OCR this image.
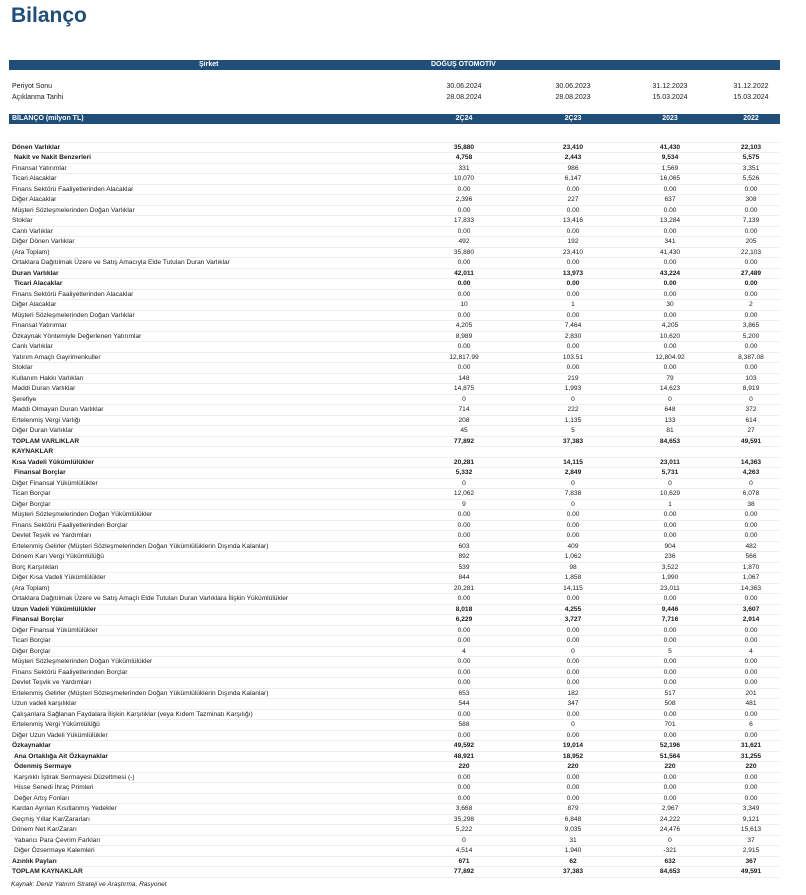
Bilanço
Şirket	DOĞUŞ OTOMOTİV
Periyot Sonu	30.06.2024	30.06.2023	31.12.2023	31.12.2022
Açıklanma Tarihi	28.08.2024	28.08.2023	15.03.2024	15.03.2024
BİLANÇO (milyon TL)	2Ç24	2Ç23	2023	2022
Dönen Varlıklar	35,880	23,410	41,430	22,103
Nakit ve Nakit Benzerleri	4,758	2,443	9,534	5,575
Finansal Yatırımlar	331	986	1,569	3,351
Ticari Alacaklar	10,070	6,147	16,065	5,526
Finans Sektörü Faaliyetlerinden Alacaklar	0.00	0.00	0.00	0.00
Diğer Alacaklar	2,396	227	637	308
Müşteri Sözleşmelerinden Doğan Varlıklar	0.00	0.00	0.00	0.00
Stoklar	17,833	13,416	13,284	7,139
Canlı Varlıklar	0.00	0.00	0.00	0.00
Diğer Dönen Varlıklar	492	192	341	205
(Ara Toplam)	35,880	23,410	41,430	22,103
Ortaklara Dağıtılmak Üzere ve Satış Amacıyla Elde Tutulan Duran Varlıklar	0.00	0.00	0.00	0.00
Duran Varlıklar	42,011	13,973	43,224	27,489
Ticari Alacaklar	0.00	0.00	0.00	0.00
Finans Sektörü Faaliyetlerinden Alacaklar	0.00	0.00	0.00	0.00
Diğer Alacaklar	10	1	30	2
Müşteri Sözleşmelerinden Doğan Varlıklar	0.00	0.00	0.00	0.00
Finansal Yatırımlar	4,205	7,464	4,205	3,865
Özkaynak Yöntemiyle Değerlenen Yatırımlar	8,989	2,830	10,620	5,200
Canlı Varlıklar	0.00	0.00	0.00	0.00
Yatırım Amaçlı Gayrimenkuller	12,817.99	103.51	12,804.92	8,387.08
Stoklar	0.00	0.00	0.00	0.00
Kullanım Hakkı Varlıkları	148	219	79	103
Maddi Duran Varlıklar	14,875	1,993	14,623	8,919
Şerefiye	0	0	0	0
Maddi Olmayan Duran Varlıklar	714	222	648	372
Ertelenmiş Vergi Varlığı	208	1,135	133	614
Diğer Duran Varlıklar	45	5	81	27
TOPLAM VARLIKLAR	77,892	37,383	84,653	49,591
KAYNAKLAR
Kısa Vadeli Yükümlülükler	20,281	14,115	23,011	14,363
Finansal Borçlar	5,332	2,849	5,731	4,263
Diğer Finansal Yükümlülükler	0	0	0	0
Ticari Borçlar	12,062	7,838	10,629	6,078
Diğer Borçlar	9	0	1	38
Müşteri Sözleşmelerinden Doğan Yükümlülükler	0.00	0.00	0.00	0.00
Finans Sektörü Faaliyetlerinden Borçlar	0.00	0.00	0.00	0.00
Devlet Teşvik ve Yardımları	0.00	0.00	0.00	0.00
Ertelenmiş Gelirler (Müşteri Sözleşmelerinden Doğan Yükümlülüklerin Dışında Kalanlar)	603	409	904	482
Dönem Karı Vergi Yükümlülüğü	892	1,062	236	566
Borç Karşılıkları	539	98	3,522	1,870
Diğer Kısa Vadeli Yükümlülükler	844	1,858	1,990	1,067
(Ara Toplam)	20,281	14,115	23,011	14,363
Ortaklara Dağıtılmak Üzere ve Satış Amaçlı Elde Tutulan Duran Varlıklara İlişkin Yükümlülükler	0.00	0.00	0.00	0.00
Uzun Vadeli Yükümlülükler	8,018	4,255	9,446	3,607
Finansal Borçlar	6,229	3,727	7,716	2,914
Diğer Finansal Yükümlülükler	0.00	0.00	0.00	0.00
Ticari Borçlar	0.00	0.00	0.00	0.00
Diğer Borçlar	4	0	5	4
Müşteri Sözleşmelerinden Doğan Yükümlülükler	0.00	0.00	0.00	0.00
Finans Sektörü Faaliyetlerinden Borçlar	0.00	0.00	0.00	0.00
Devlet Teşvik ve Yardımları	0.00	0.00	0.00	0.00
Ertelenmiş Gelirler (Müşteri Sözleşmelerinden Doğan Yükümlülüklerin Dışında Kalanlar)	653	182	517	201
Uzun vadeli karşılıklar	544	347	508	481
Çalışanlara Sağlanan Faydalara İlişkin Karşılıklar (veya Kıdem Tazminatı Karşılığı)	0.00	0.00	0.00	0.00
Ertelenmiş Vergi Yükümlülüğü	588	0	701	6
Diğer Uzun Vadeli Yükümlülükler	0.00	0.00	0.00	0.00
Özkaynaklar	49,592	19,014	52,196	31,621
Ana Ortaklığa Ait Özkaynaklar	48,921	18,952	51,564	31,255
Ödenmiş Sermaye	220	220	220	220
Karşılıklı İştirak Sermayesi Düzeltmesi (-)	0.00	0.00	0.00	0.00
Hisse Senedi İhraç Primleri	0.00	0.00	0.00	0.00
Değer Artış Fonları	0.00	0.00	0.00	0.00
Kardan Ayrılan Kısıtlanmış Yedekler	3,668	879	2,967	3,349
Geçmiş Yıllar Kar/Zararları	35,298	6,848	24,222	9,121
Dönem Net Kar/Zararı	5,222	9,035	24,476	15,613
Yabancı Para Çevrim Farkları	0	31	0	37
Diğer Özsermaye Kalemleri	4,514	1,940	-321	2,915
Azınlık Payları	671	62	632	367
TOPLAM KAYNAKLAR	77,892	37,383	84,653	49,591
Kaynak: Deniz Yatırım Strateji ve Araştırma, Rasyonet
